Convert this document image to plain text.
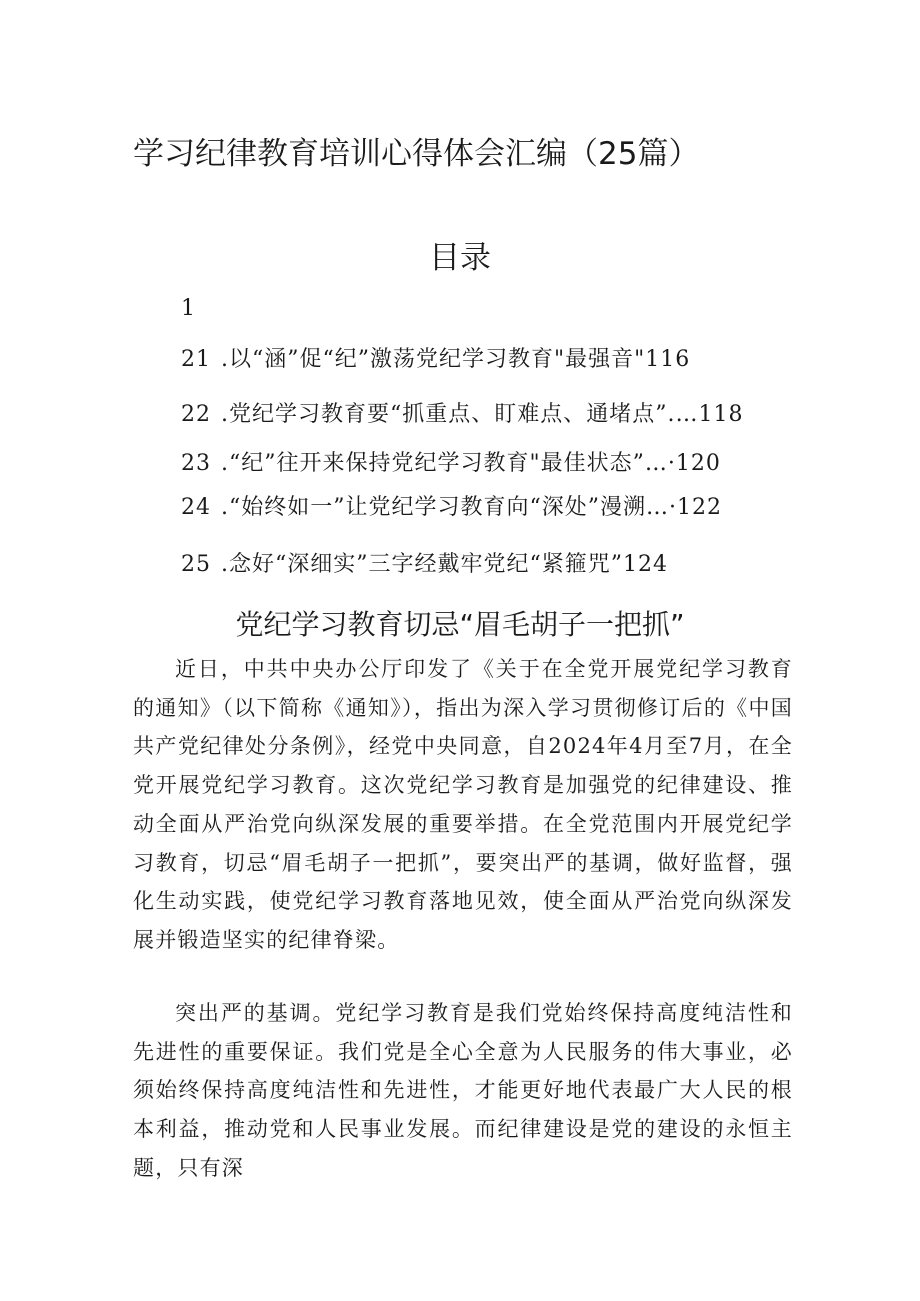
学习纪律教育培训心得体会汇编（25篇）
目录
1
21 .以“涵”促“纪”激荡党纪学习教育"最强音"116
22 .党纪学习教育要“抓重点、盯难点、通堵点”.…118
23 .“纪”往开来保持党纪学习教育"最佳状态”…·120
24 .“始终如一”让党纪学习教育向“深处”漫溯…·122
25 .念好“深细实”三字经戴牢党纪“紧箍咒”124
党纪学习教育切忌“眉毛胡子一把抓”

近日，中共中央办公厅印发了《关于在全党开展党纪学习教育的通知》（以下简称《通知》），指出为深入学习贯彻修订后的《中国共产党纪律处分条例》，经党中央同意，自2024年4月至7月，在全党开展党纪学习教育。这次党纪学习教育是加强党的纪律建设、推动全面从严治党向纵深发展的重要举措。在全党范围内开展党纪学习教育，切忌“眉毛胡子一把抓”，要突出严的基调，做好监督，强化生动实践，使党纪学习教育落地见效，使全面从严治党向纵深发展并锻造坚实的纪律脊梁。

突出严的基调。党纪学习教育是我们党始终保持高度纯洁性和先进性的重要保证。我们党是全心全意为人民服务的伟大事业，必须始终保持高度纯洁性和先进性，才能更好地代表最广大人民的根本利益，推动党和人民事业发展。而纪律建设是党的建设的永恒主题，只有深
